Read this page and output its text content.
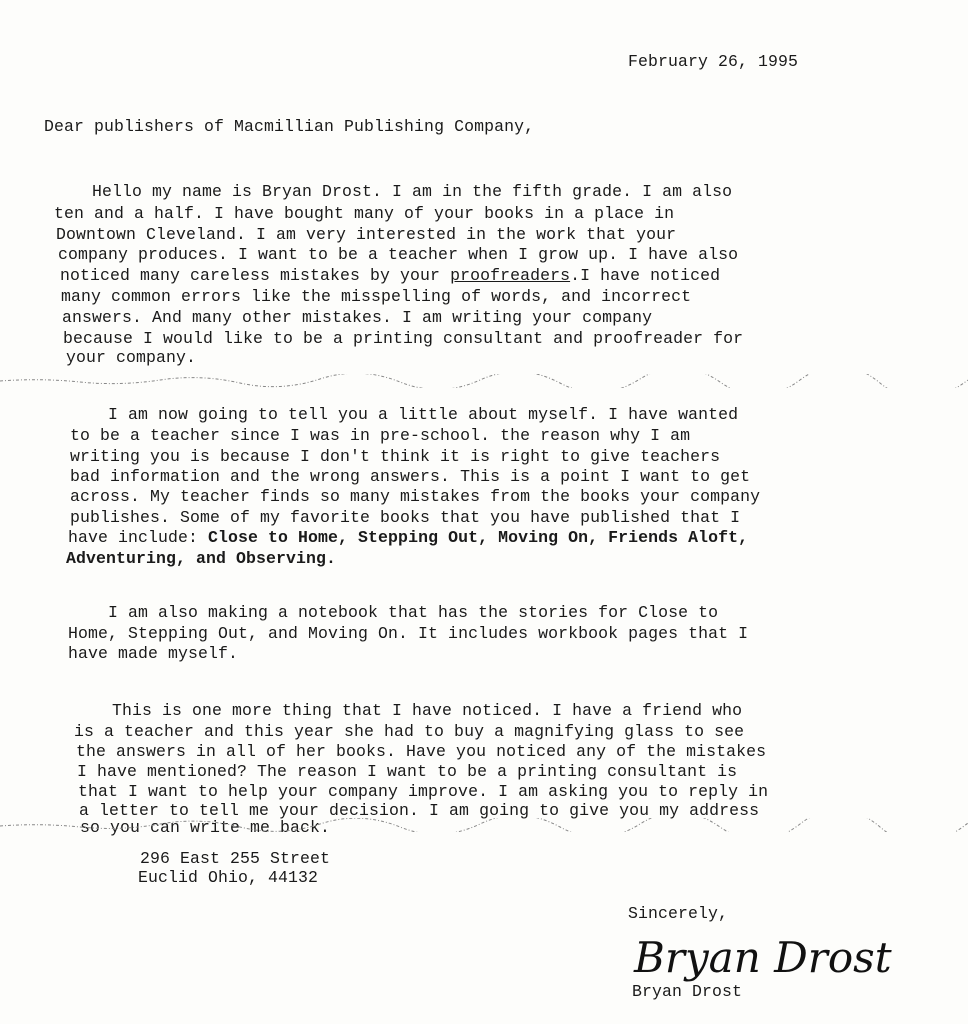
February 26, 1995
Dear publishers of Macmillian Publishing Company,
Hello my name is Bryan Drost. I am in the fifth grade. I am also
ten and a half. I have bought many of your books in a place in
Downtown Cleveland. I am very interested in the work that your
company produces. I want to be a teacher when I grow up. I have also
noticed many careless mistakes by your proofreaders.I have noticed
many common errors like the misspelling of words, and incorrect
answers. And many other mistakes. I am writing your company
because I would like to be a printing consultant and proofreader for
your company.
I am now going to tell you a little about myself. I have wanted
to be a teacher since I was in pre-school. the reason why I am
writing you is because I don't think it is right to give teachers
bad information and the wrong answers. This is a point I want to get
across. My teacher finds so many mistakes from the books your company
publishes. Some of my favorite books that you have published that I
have include: Close to Home, Stepping Out, Moving On, Friends Aloft,
Adventuring, and Observing.
I am also making a notebook that has the stories for Close to
Home, Stepping Out, and Moving On. It includes workbook pages that I
have made myself.
This is one more thing that I have noticed. I have a friend who
is a teacher and this year she had to buy a magnifying glass to see
the answers in all of her books. Have you noticed any of the mistakes
I have mentioned? The reason I want to be a printing consultant is
that I want to help your company improve. I am asking you to reply in
a letter to tell me your decision. I am going to give you my address
so you can write me back.
296 East 255 Street
Euclid Ohio, 44132
Sincerely,
Bryan Drost
Bryan Drost
